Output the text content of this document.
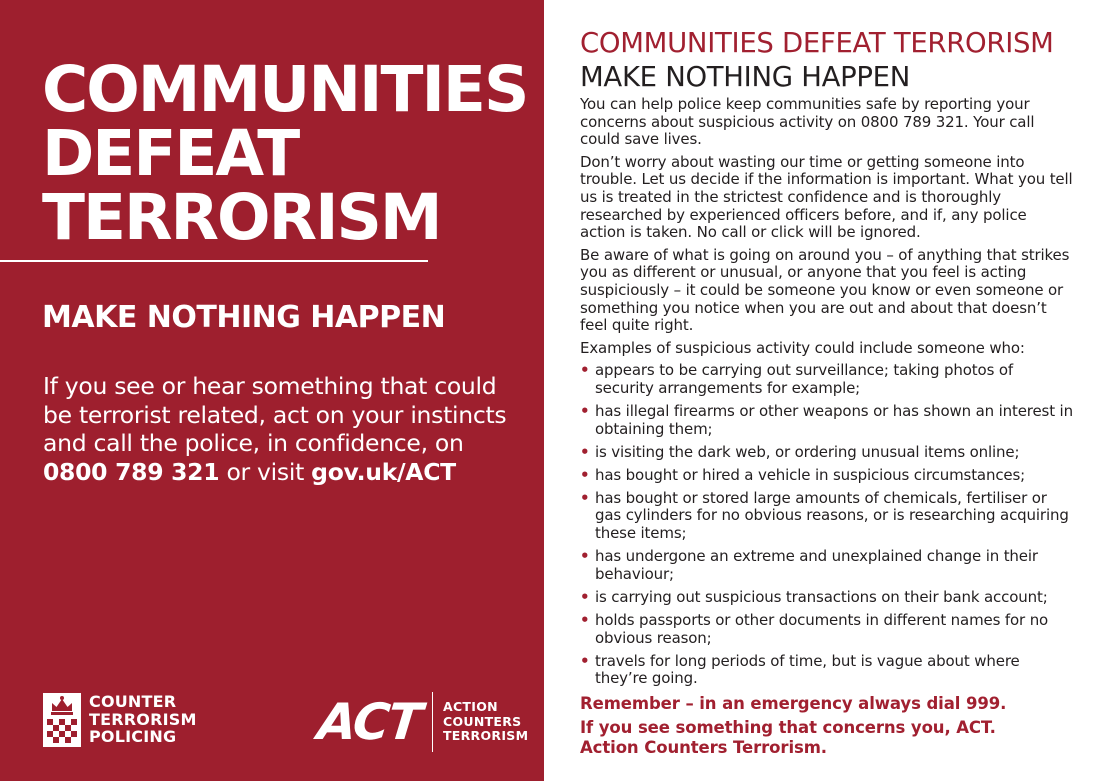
COMMUNITIES
DEFEAT
TERRORISM
MAKE NOTHING HAPPEN
If you see or hear something that could be terrorist related, act on your instincts and call the police, in confidence, on 0800 789 321 or visit gov.uk/ACT
COUNTER
TERRORISM
POLICING	ACT ACTION
COUNTERS
TERRORISM
COMMUNITIES DEFEAT TERRORISM
MAKE NOTHING HAPPEN

You can help police keep communities safe by reporting your concerns about suspicious activity on 0800 789 321. Your call could save lives.

Don’t worry about wasting our time or getting someone into trouble. Let us decide if the information is important. What you tell us is treated in the strictest confidence and is thoroughly researched by experienced officers before, and if, any police action is taken. No call or click will be ignored.

Be aware of what is going on around you – of anything that strikes you as different or unusual, or anyone that you feel is acting suspiciously – it could be someone you know or even someone or something you notice when you are out and about that doesn’t feel quite right.

Examples of suspicious activity could include someone who:

• appears to be carrying out surveillance; taking photos of security arrangements for example;
• has illegal firearms or other weapons or has shown an interest in obtaining them;
• is visiting the dark web, or ordering unusual items online;
• has bought or hired a vehicle in suspicious circumstances;
• has bought or stored large amounts of chemicals, fertiliser or gas cylinders for no obvious reasons, or is researching acquiring these items;
• has undergone an extreme and unexplained change in their behaviour;
• is carrying out suspicious transactions on their bank account;
• holds passports or other documents in different names for no obvious reason;
• travels for long periods of time, but is vague about where they’re going.

Remember – in an emergency always dial 999.

If you see something that concerns you, ACT.

Action Counters Terrorism.
